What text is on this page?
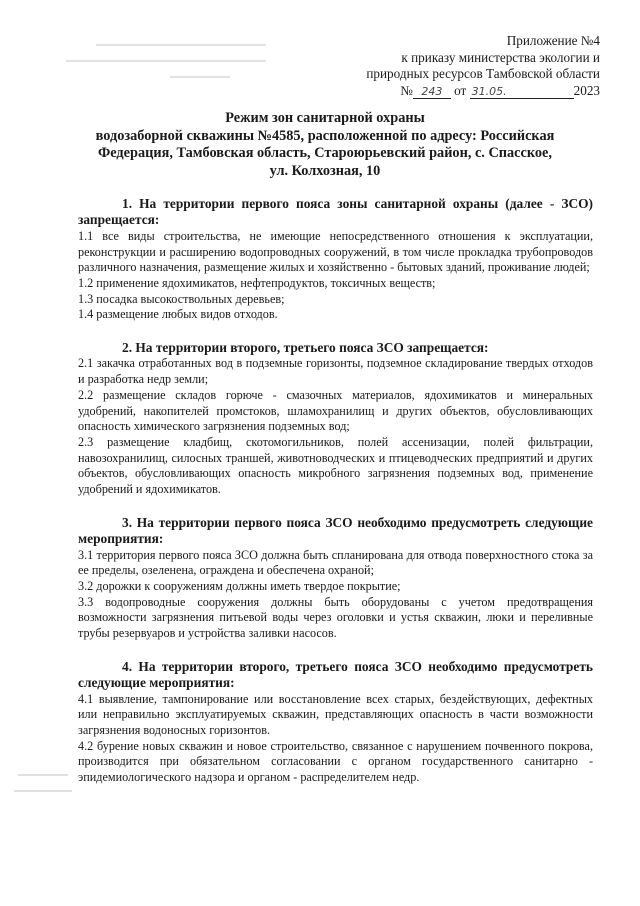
Приложение №4
к приказу министерства экологии и
природных ресурсов Тамбовской области
№ 243 от 31.05.	2023
Режим зон санитарной охраны
водозаборной скважины №4585, расположенной по адресу: Российская
Федерация, Тамбовская область, Староюрьевский район, с. Спасское,
ул. Колхозная, 10

1. На территории первого пояса зоны санитарной охраны (далее - ЗСО) запрещается:

1.1 все виды строительства, не имеющие непосредственного отношения к эксплуатации, реконструкции и расширению водопроводных сооружений, в том числе прокладка трубопроводов различного назначения, размещение жилых и хозяйственно - бытовых зданий, проживание людей;

1.2 применение ядохимикатов, нефтепродуктов, токсичных веществ;

1.3 посадка высокоствольных деревьев;

1.4 размещение любых видов отходов.

2. На территории второго, третьего пояса ЗСО запрещается:

2.1 закачка отработанных вод в подземные горизонты, подземное складирование твердых отходов и разработка недр земли;

2.2 размещение складов горюче - смазочных материалов, ядохимикатов и минеральных удобрений, накопителей промстоков, шламохранилищ и других объектов, обусловливающих опасность химического загрязнения подземных вод;

2.3 размещение кладбищ, скотомогильников, полей ассенизации, полей фильтрации, навозохранилищ, силосных траншей, животноводческих и птицеводческих предприятий и других объектов, обусловливающих опасность микробного загрязнения подземных вод, применение удобрений и ядохимикатов.

3. На территории первого пояса ЗСО необходимо предусмотреть следующие мероприятия:

3.1 территория первого пояса ЗСО должна быть спланирована для отвода поверхностного стока за ее пределы, озеленена, ограждена и обеспечена охраной;

3.2 дорожки к сооружениям должны иметь твердое покрытие;

3.3 водопроводные сооружения должны быть оборудованы с учетом предотвращения возможности загрязнения питьевой воды через оголовки и устья скважин, люки и переливные трубы резервуаров и устройства заливки насосов.

4. На территории второго, третьего пояса ЗСО необходимо предусмотреть следующие мероприятия:

4.1 выявление, тампонирование или восстановление всех старых, бездействующих, дефектных или неправильно эксплуатируемых скважин, представляющих опасность в части возможности загрязнения водоносных горизонтов.

4.2 бурение новых скважин и новое строительство, связанное с нарушением почвенного покрова, производится при обязательном согласовании с органом государственного санитарно - эпидемиологического надзора и органом - распределителем недр.
